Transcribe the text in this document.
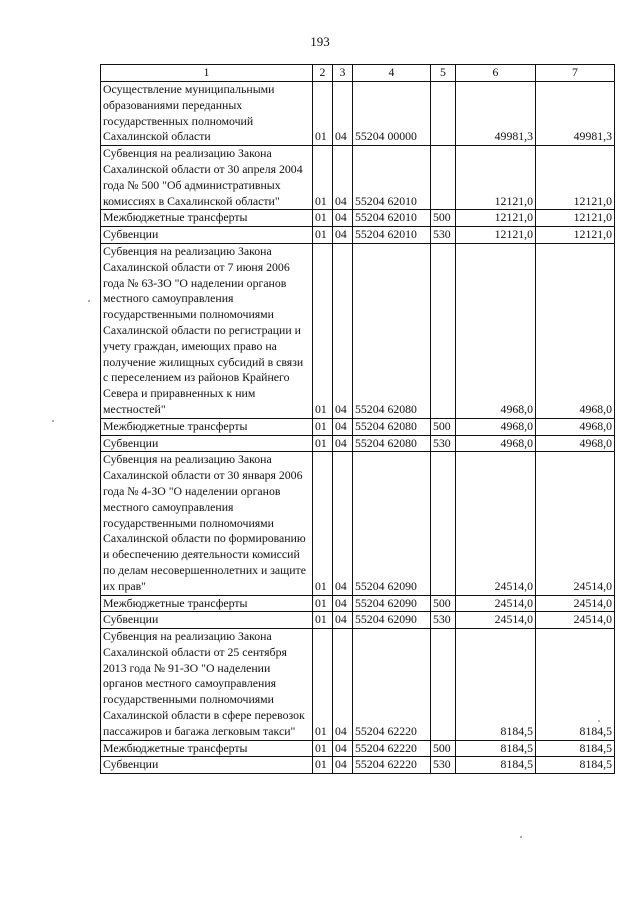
193
1	2	3	4	5	6	7
Осуществление муниципальными образованиями переданных государственных полномочий Сахалинской области	01	04	55204 00000		49981,3	49981,3
Субвенция на реализацию Закона Сахалинской области от 30 апреля 2004 года № 500 "Об административных комиссиях в Сахалинской области"	01	04	55204 62010		12121,0	12121,0
Межбюджетные трансферты	01	04	55204 62010	500	12121,0	12121,0
Субвенции	01	04	55204 62010	530	12121,0	12121,0
Субвенция на реализацию Закона Сахалинской области от 7 июня 2006 года № 63-ЗО "О наделении органов местного самоуправления государственными полномочиями Сахалинской области по регистрации и учету граждан, имеющих право на получение жилищных субсидий в связи с переселением из районов Крайнего Севера и приравненных к ним местностей"	01	04	55204 62080		4968,0	4968,0
Межбюджетные трансферты	01	04	55204 62080	500	4968,0	4968,0
Субвенции	01	04	55204 62080	530	4968,0	4968,0
Субвенция на реализацию Закона Сахалинской области от 30 января 2006 года № 4-ЗО "О наделении органов местного самоуправления государственными полномочиями Сахалинской области по формированию и обеспечению деятельности комиссий по делам несовершеннолетних и защите их прав"	01	04	55204 62090		24514,0	24514,0
Межбюджетные трансферты	01	04	55204 62090	500	24514,0	24514,0
Субвенции	01	04	55204 62090	530	24514,0	24514,0
Субвенция на реализацию Закона Сахалинской области от 25 сентября 2013 года № 91-ЗО "О наделении органов местного самоуправления государственными полномочиями Сахалинской области в сфере перевозок пассажиров и багажа легковым такси"	01	04	55204 62220		8184,5	8184,5
Межбюджетные трансферты	01	04	55204 62220	500	8184,5	8184,5
Субвенции	01	04	55204 62220	530	8184,5	8184,5
